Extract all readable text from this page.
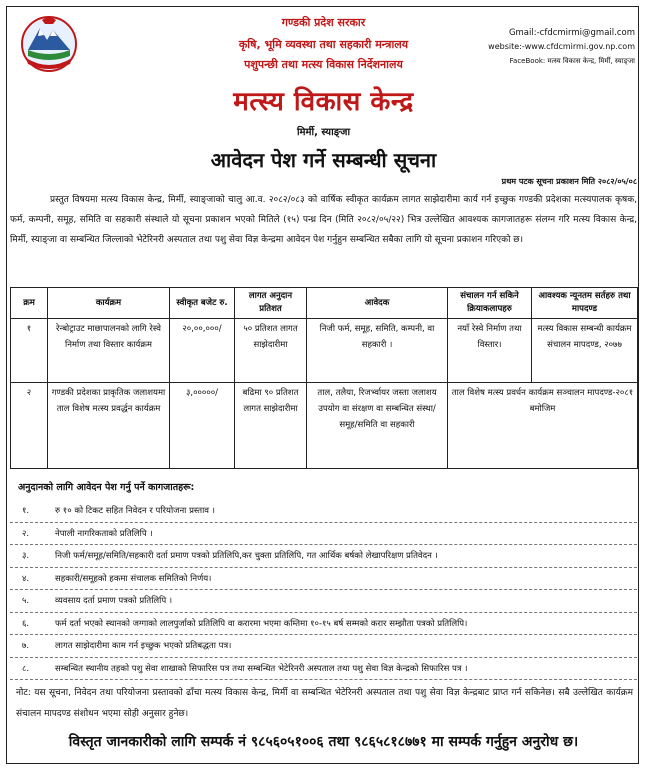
गण्डकी प्रदेश सरकार
कृषि, भूमि व्यवस्था तथा सहकारी मन्त्रालय
पशुपन्छी तथा मत्स्य विकास निर्देशनालय
मत्स्य विकास केन्द्र
मिर्मी, स्याङ्जा
Gmail:-cfdcmirmi@gmail.com
website:-www.cfdcmirmi.gov.np.com
FaceBook: मत्स्य विकास केन्द्र, मिर्मी, स्याङ्जा
आवेदन पेश गर्ने सम्बन्धी सूचना
प्रथम पटक सूचना प्रकाशन मिति २०८२/०५/०८
प्रस्तुत विषयमा मत्स्य विकास केन्द्र, मिर्मी, स्याङ्जाको चालु आ.व. २०८२/०८३ को वार्षिक स्वीकृत कार्यक्रम लागत साझेदारीमा कार्य गर्न इच्छुक गण्डकी प्रदेशका मत्स्यपालक कृषक, फर्म, कम्पनी, समूह, समिति वा सहकारी संस्थाले यो सूचना प्रकाशन भएको मितिले (१५) पन्ध्र दिन (मिति २०८२/०५/२२) भित्र उल्लेखित आवश्यक कागजातहरू संलग्न गरि मत्स्य विकास केन्द्र, मिर्मी, स्याङ्जा वा सम्बन्धित जिल्लाको भेटेरिनरी अस्पताल तथा पशु सेवा विज्ञ केन्द्रमा आवेदन पेश गर्नुहुन सम्बन्धित सबैका लागि यो सूचना प्रकाशन गरिएको छ।
क्रम	कार्यक्रम	स्वीकृत बजेट रु.	लागत अनुदान प्रतिशत	आवेदक	संचालन गर्न सकिने क्रियाकलापहरु	आवश्यक न्यूनतम सर्तहरु तथा मापदण्ड
१	रेन्बोट्राउट माछापालनको लागि रेस्वे निर्माण तथा विस्तार कार्यक्रम	२०,००,०००/	५० प्रतिशत लागत साझेदारीमा	निजी फर्म, समूह, समिति, कम्पनी, वा सहकारी ।	नयाँ रेस्वे निर्माण तथा विस्तार।	मत्स्य विकास सम्बन्धी कार्यक्रम संचालन मापदण्ड, २०७७
२	गण्डकी प्रदेशका प्राकृतिक जलाशयमा ताल विशेष मत्स्य प्रवर्द्धन कार्यक्रम	३,०००००/	बढिमा ९० प्रतिशत लागत साझेदारीमा	ताल, तलैया, रिजर्भ्वायर जस्ता जलाशय उपयोग वा संरक्षण वा सम्बन्धित संस्था/समूह/समिति वा सहकारी	ताल विशेष मत्स्य प्रवर्धन कार्यक्रम सञ्चालन मापदण्ड-२०८१ बमोजिम	
अनुदानको लागि आवेदन पेश गर्नु पर्ने कागजातहरू:
१.	रु १० को टिकट सहित निवेदन र परियोजना प्रस्ताव ।
२.	नेपाली नागरिकताको प्रतिलिपि ।
३.	निजी फर्म/समूह/समिति/सहकारी दर्ता प्रमाण पत्रको प्रतिलिपि,कर चुक्ता प्रतिलिपि, गत आर्थिक बर्षको लेखापरिक्षण प्रतिवेदन ।
४.	सहकारी/समूहको हकमा संचालक समितिको निर्णय।
५.	व्यवसाय दर्ता प्रमाण पत्रको प्रतिलिपि ।
६.	फर्म दर्ता भएको स्थानको जग्गाको लालपुर्जाको प्रतिलिपि वा करारमा भएमा कम्तिमा १०-१५ बर्ष सम्मको करार सम्झौता पत्रको प्रतिलिपि।
७.	लागत साझेदारीमा काम गर्न इच्छुक भएको प्रतिबद्धता पत्र।
८.	सम्बन्धित स्थानीय तहको पशु सेवा शाखाको सिफारिस पत्र तथा सम्बन्धित भेटेरिनरी अस्पताल तथा पशु सेवा विज्ञ केन्द्रको सिफारिस पत्र ।
नोट: यस सूचना, निवेदन तथा परियोजना प्रस्तावको ढाँचा मत्स्य विकास केन्द्र, मिर्मी वा सम्बन्धित भेटेरिनरी अस्पताल तथा पशु सेवा विज्ञ केन्द्रबाट प्राप्त गर्न सकिनेछ। सबै उल्लेखित कार्यक्रम संचालन मापदण्ड संशोधन भएमा सोही अनुसार हुनेछ।
विस्तृत जानकारीको लागि सम्पर्क नं ९८५६०५१००६ तथा ९८६५८१८७७१ मा सम्पर्क गर्नुहुन अनुरोध छ।
